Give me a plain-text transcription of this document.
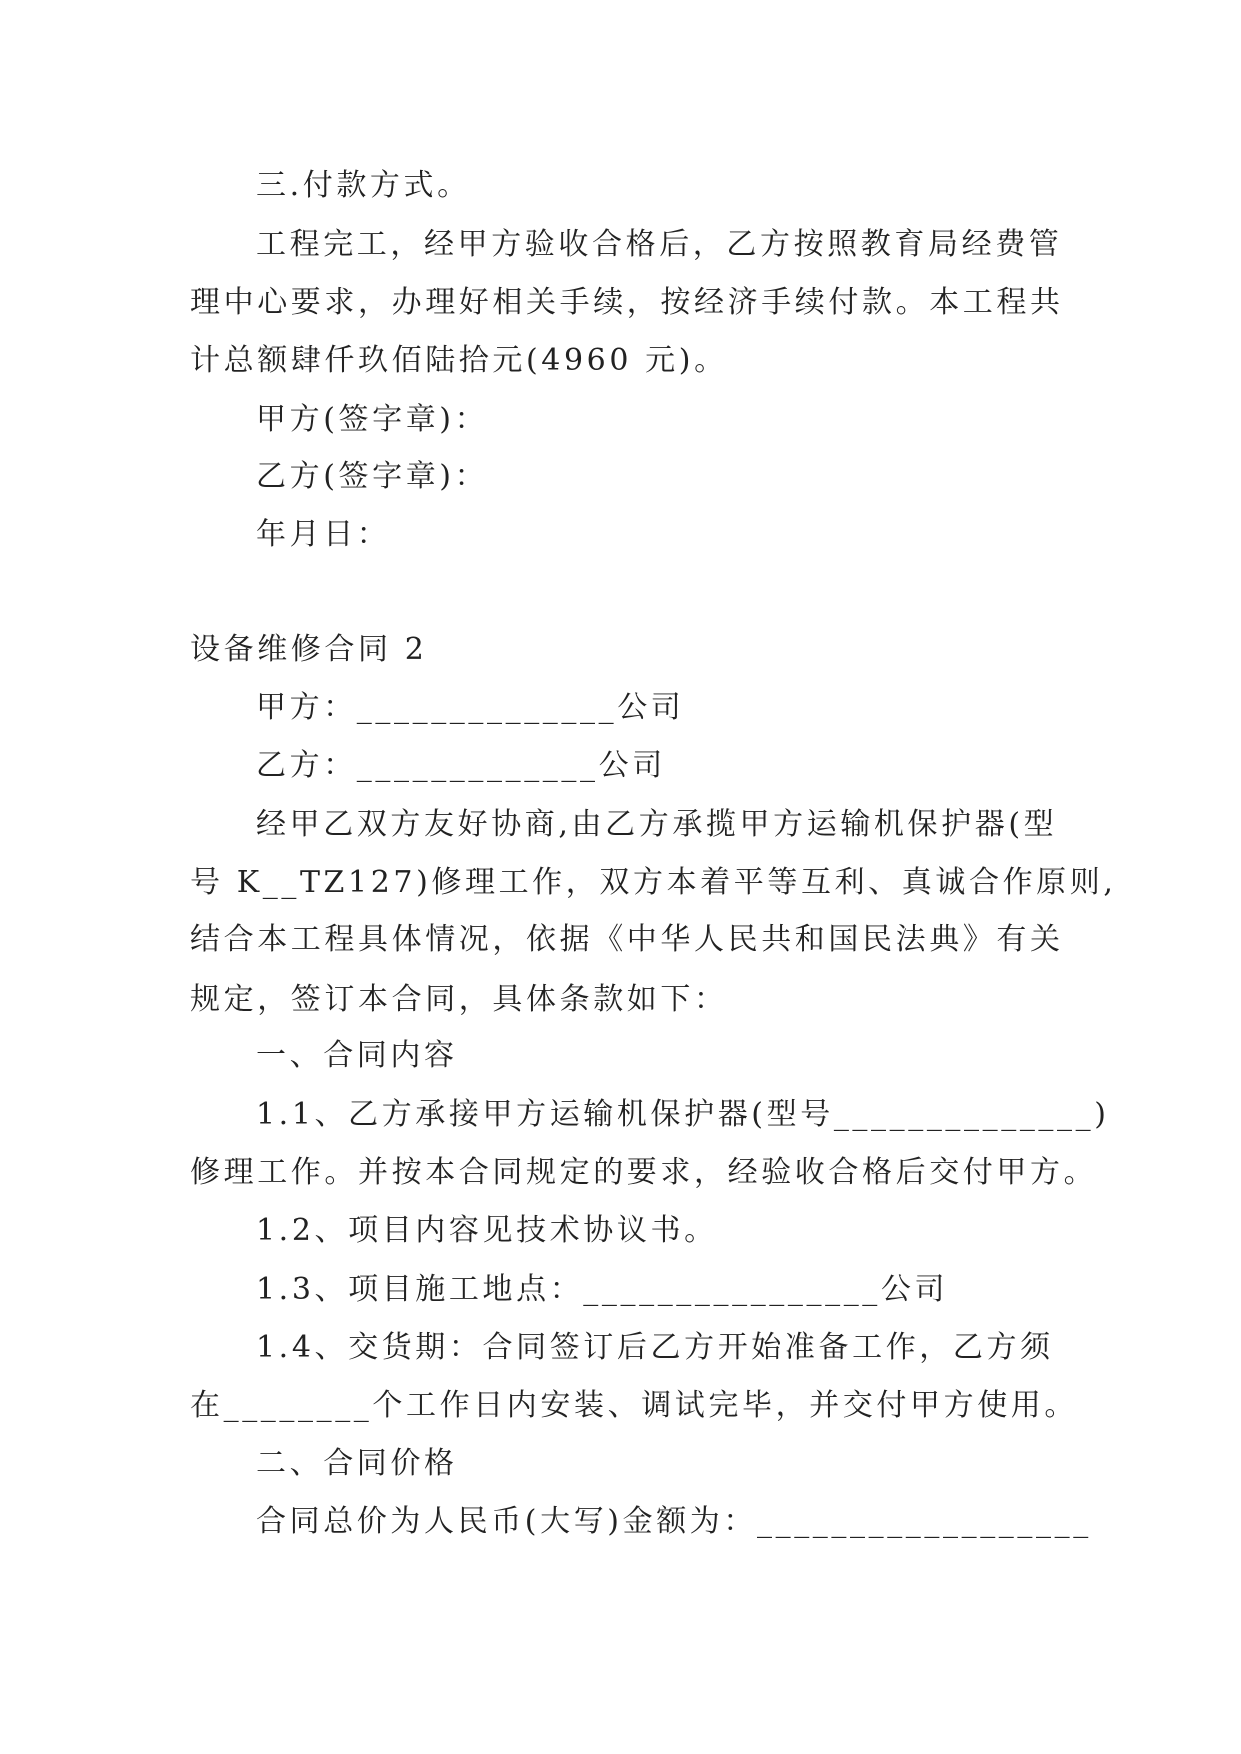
三.付款方式。
工程完工，经甲方验收合格后，乙方按照教育局经费管
理中心要求，办理好相关手续，按经济手续付款。本工程共
计总额肆仟玖佰陆拾元(4960 元)。
甲方(签字章)：
乙方(签字章)：
年月日：
设备维修合同 2
甲方：______________公司
乙方：_____________公司
经甲乙双方友好协商,由乙方承揽甲方运输机保护器(型
号 K__TZ127)修理工作，双方本着平等互利、真诚合作原则,
结合本工程具体情况，依据《中华人民共和国民法典》有关
规定，签订本合同，具体条款如下：
一、合同内容
1.1、乙方承接甲方运输机保护器(型号______________)
修理工作。并按本合同规定的要求，经验收合格后交付甲方。
1.2、项目内容见技术协议书。
1.3、项目施工地点：________________公司
1.4、交货期：合同签订后乙方开始准备工作，乙方须
在________个工作日内安装、调试完毕，并交付甲方使用。
二、合同价格
合同总价为人民币(大写)金额为：__________________
